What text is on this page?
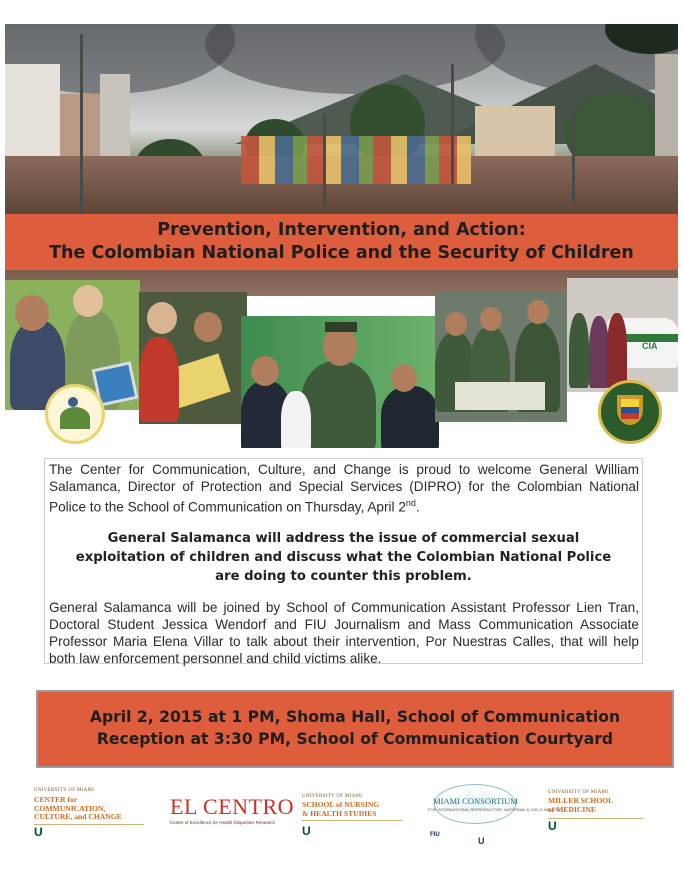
Prevention, Intervention, and Action:
The Colombian National Police and the Security of Children
CIA

The Center for Communication, Culture, and Change is proud to welcome General William Salamanca, Director of Protection and Special Services (DIPRO) for the Colombian National Police to the School of Communication on Thursday, April 2nd.

General Salamanca will address the issue of commercial sexual
exploitation of children and discuss what the Colombian National Police
are doing to counter this problem.

General Salamanca will be joined by School of Communication Assistant Professor Lien Tran, Doctoral Student Jessica Wendorf and FIU Journalism and Mass Communication Associate Professor Maria Elena Villar to talk about their intervention, Por Nuestras Calles, that will help both law enforcement personnel and child victims alike.

April 2, 2015 at 1 PM, Shoma Hall, School of Communication
Reception at 3:30 PM, School of Communication Courtyard
UNIVERSITY OF MIAMI
CENTER for
COMMUNICATION,
CULTURE, and CHANGE
U
EL CENTRO
Center of Excellence for Health Disparities Research
UNIVERSITY OF MIAMI
SCHOOL of NURSING
& HEALTH STUDIES
U
MIAMI CONSORTIUM
FOR INTERNATIONAL REPRODUCTIVE, MATERNAL & CHILD HEALTH
FIU
U
UNIVERSITY OF MIAMI
MILLER SCHOOL
of MEDICINE
U
